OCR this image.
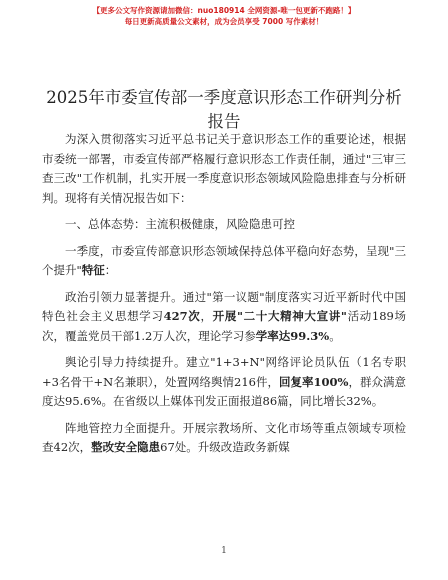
【更多公文写作资源请加微信：nuo180914 全网资源-唯一包更新不跑路！】
每日更新高质量公文素材，成为会员享受 7000 写作素材！
2025年市委宣传部一季度意识形态工作研判分析报告

为深入贯彻落实习近平总书记关于意识形态工作的重要论述，根据市委统一部署，市委宣传部严格履行意识形态工作责任制，通过"三审三查三改"工作机制，扎实开展一季度意识形态领域风险隐患排查与分析研判。现将有关情况报告如下：

一、总体态势：主流积极健康，风险隐患可控

一季度，市委宣传部意识形态领域保持总体平稳向好态势，呈现"三个提升"特征：

政治引领力显著提升。通过"第一议题"制度落实习近平新时代中国特色社会主义思想学习427次，开展"二十大精神大宣讲"活动189场次，覆盖党员干部1.2万人次，理论学习参学率达99.3%。

舆论引导力持续提升。建立"1+3+N"网络评论员队伍（1名专职+3名骨干+N名兼职），处置网络舆情216件，回复率100%，群众满意度达95.6%。在省级以上媒体刊发正面报道86篇，同比增长32%。

阵地管控力全面提升。开展宗教场所、文化市场等重点领域专项检查42次，整改安全隐患67处。升级改造政务新媒

1
